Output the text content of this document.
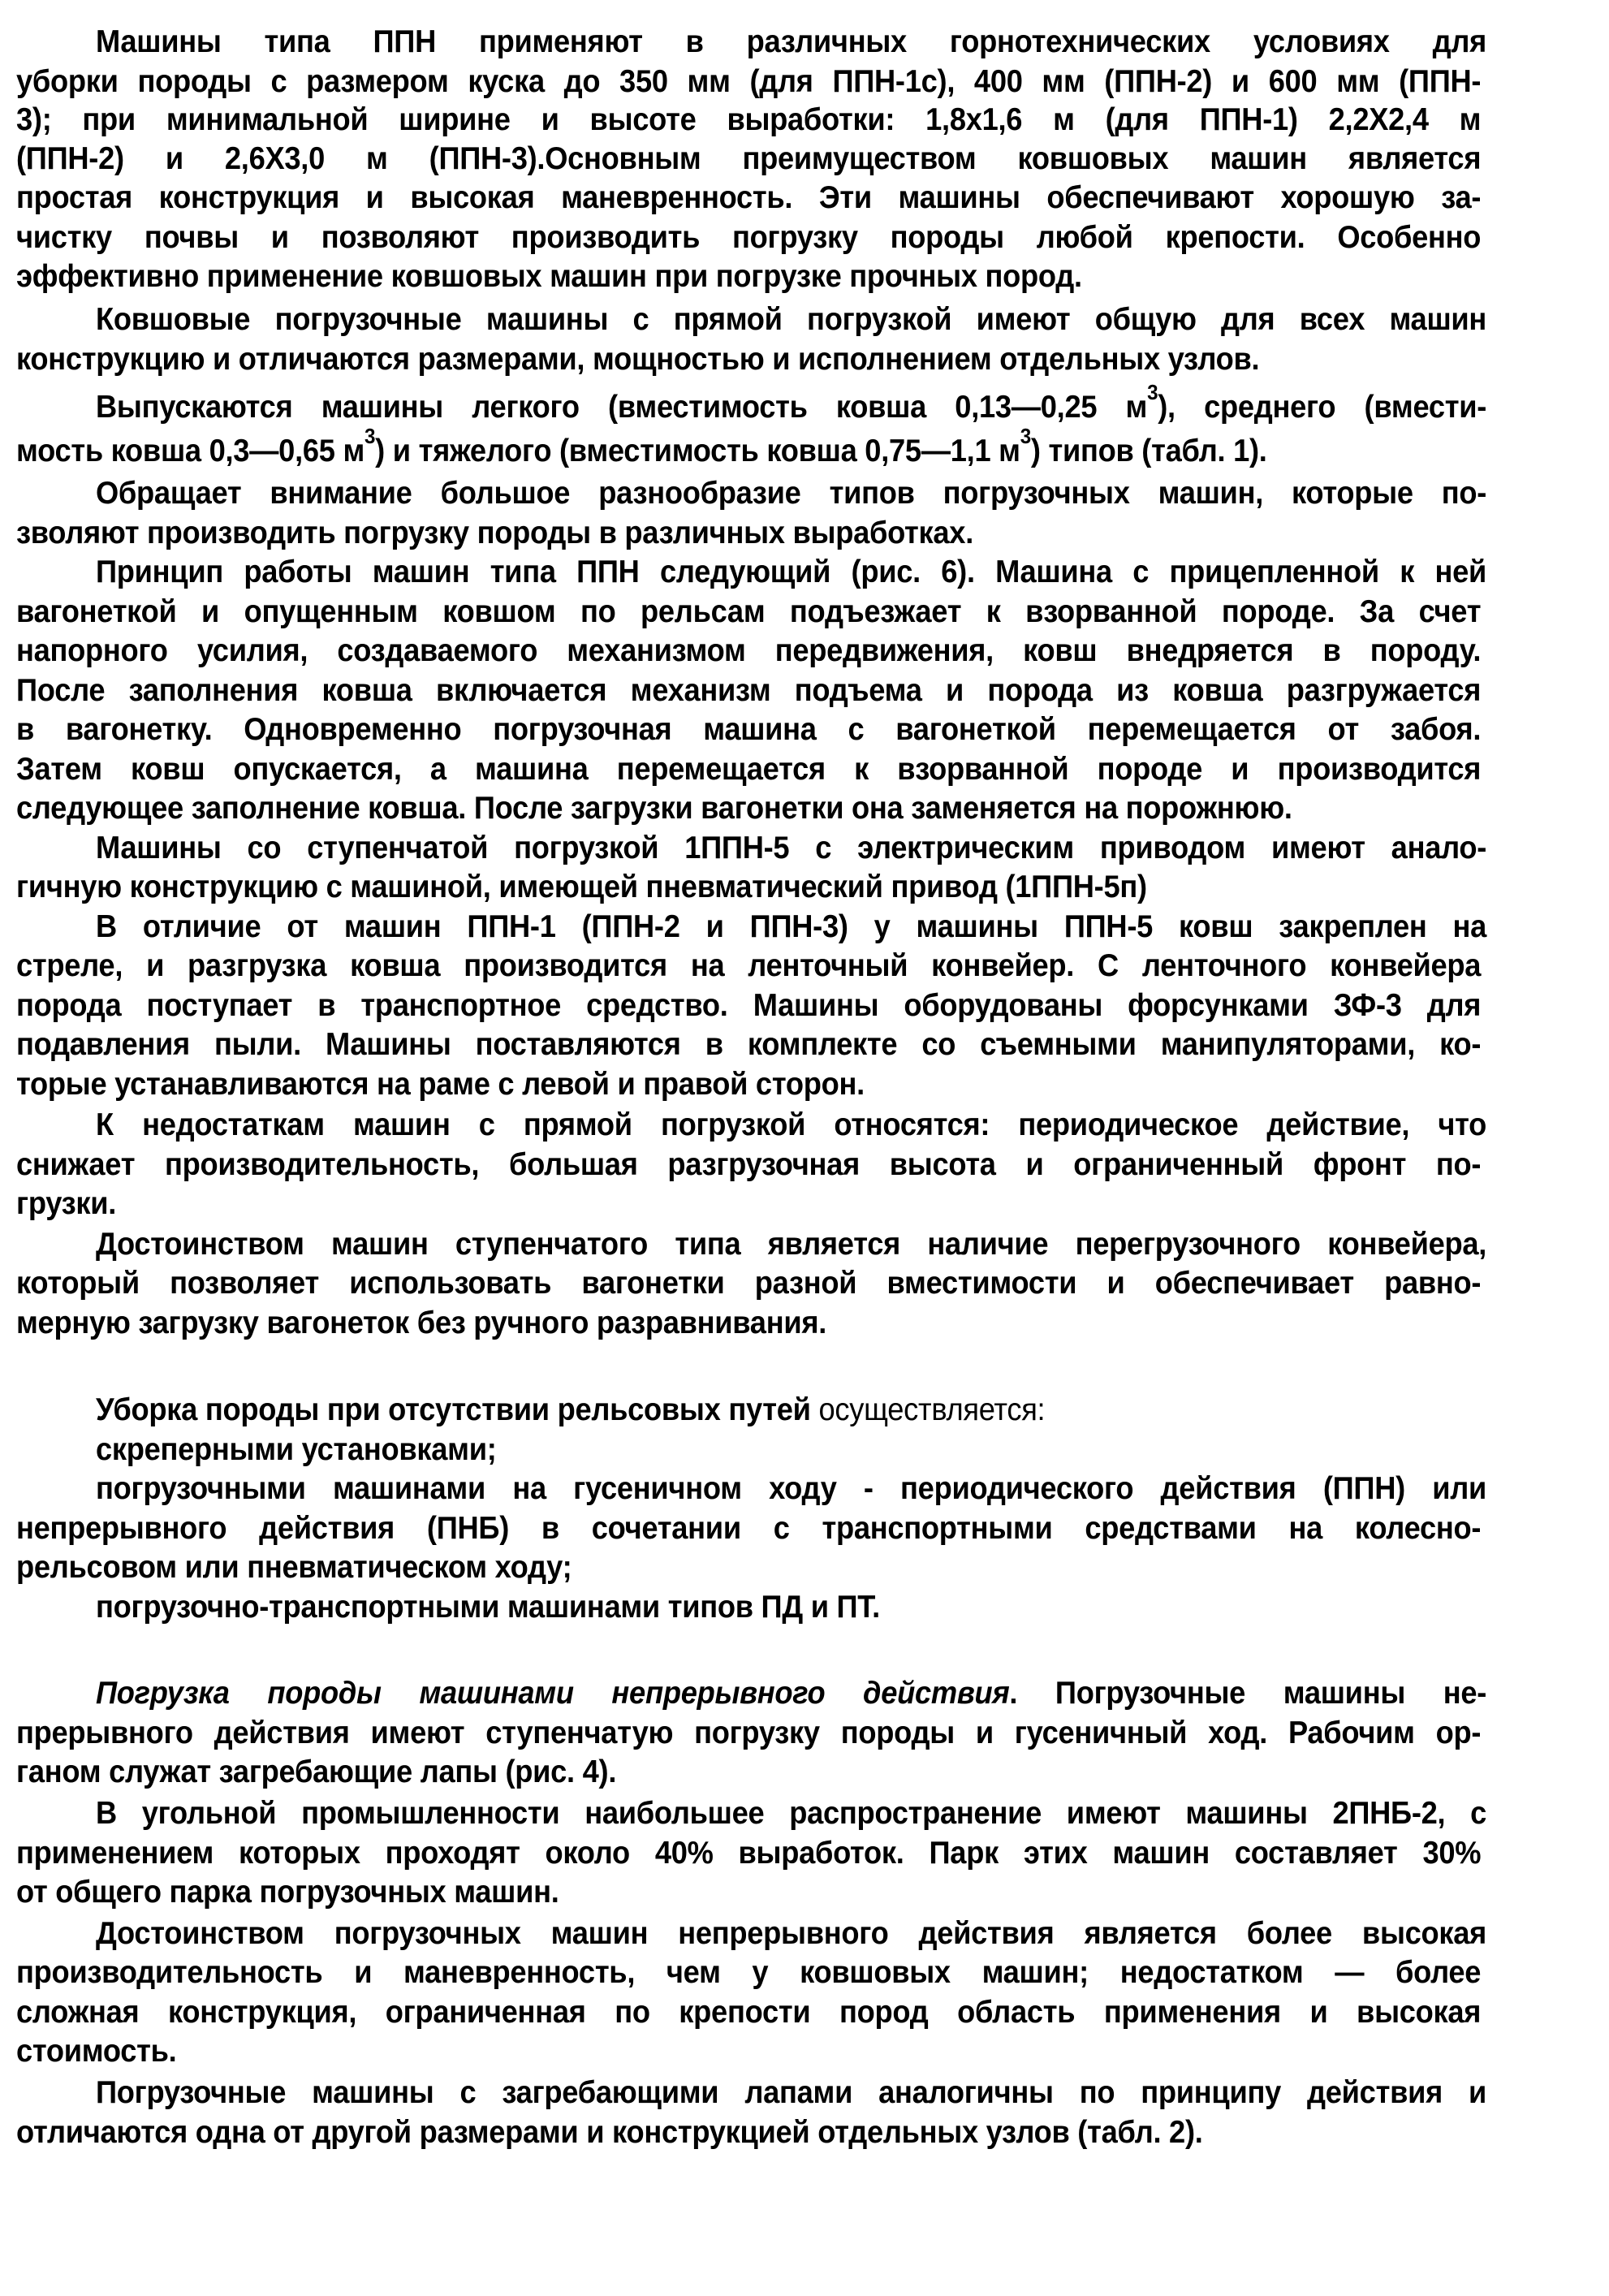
Машины типа ППН применяют в различных горнотехнических условиях для
уборки породы с размером куска до 350 мм (для ППН-1с), 400 мм (ППН-2) и 600 мм (ППН-
3); при минимальной ширине и высоте выработки: 1,8х1,6 м (для ППН-1) 2,2Х2,4 м
(ППН-2) и 2,6Х3,0 м (ППН-3).Основным преимуществом ковшовых машин является
простая конструкция и высокая маневренность. Эти машины обеспечивают хорошую за-
чистку почвы и позволяют производить погрузку породы любой крепости. Особенно
эффективно применение ковшовых машин при погрузке прочных пород.
Ковшовые погрузочные машины с прямой погрузкой имеют общую для всех машин
конструкцию и отличаются размерами, мощностью и исполнением отдельных узлов.
Выпускаются машины легкого (вместимость ковша 0,13—0,25 $м^3$), среднего (вмести-
мость ковша 0,3—0,65 $м^3$) и тяжелого (вместимость ковша 0,75—1,1 $м^3$) типов (табл. 1).
Обращает внимание большое разнообразие типов погрузочных машин, которые по-
зволяют производить погрузку породы в различных выработках.
Принцип работы машин типа ППН следующий (рис. 6). Машина с прицепленной к ней
вагонеткой и опущенным ковшом по рельсам подъезжает к взорванной породе. За счет
напорного усилия, создаваемого механизмом передвижения, ковш внедряется в породу.
После заполнения ковша включается механизм подъема и порода из ковша разгружается
в вагонетку. Одновременно погрузочная машина с вагонеткой перемещается от забоя.
Затем ковш опускается, а машина перемещается к взорванной породе и производится
следующее заполнение ковша. После загрузки вагонетки она заменяется на порожнюю.
Машины со ступенчатой погрузкой 1ППН-5 с электрическим приводом имеют анало-
гичную конструкцию с машиной, имеющей пневматический привод (1ППН-5п)
В отличие от машин ППН-1 (ППН-2 и ППН-3) у машины ППН-5 ковш закреплен на
стреле, и разгрузка ковша производится на ленточный конвейер. С ленточного конвейера
порода поступает в транспортное средство. Машины оборудованы форсунками ЗФ-3 для
подавления пыли. Машины поставляются в комплекте со съемными манипуляторами, ко-
торые устанавливаются на раме с левой и правой сторон.
К недостаткам машин с прямой погрузкой относятся: периодическое действие, что
снижает производительность, большая разгрузочная высота и ограниченный фронт по-
грузки.
Достоинством машин ступенчатого типа является наличие перегрузочного конвейера,
который позволяет использовать вагонетки разной вместимости и обеспечивает равно-
мерную загрузку вагонеток без ручного разравнивания.
Уборка породы при отсутствии рельсовых путей осуществляется:
скреперными установками;
погрузочными машинами на гусеничном ходу - периодического действия (ППН) или
непрерывного действия (ПНБ) в сочетании с транспортными средствами на колесно-
рельсовом или пневматическом ходу;
погрузочно-транспортными машинами типов ПД и ПТ.
Погрузка породы машинами непрерывного действия. Погрузочные машины не-
прерывного действия имеют ступенчатую погрузку породы и гусеничный ход. Рабочим ор-
ганом служат загребающие лапы (рис. 4).
В угольной промышленности наибольшее распространение имеют машины 2ПНБ-2, с
применением которых проходят около 40% выработок. Парк этих машин составляет 30%
от общего парка погрузочных машин.
Достоинством погрузочных машин непрерывного действия является более высокая
производительность и маневренность, чем у ковшовых машин; недостатком — более
сложная конструкция, ограниченная по крепости пород область применения и высокая
стоимость.
Погрузочные машины с загребающими лапами аналогичны по принципу действия и
отличаются одна от другой размерами и конструкцией отдельных узлов (табл. 2).
